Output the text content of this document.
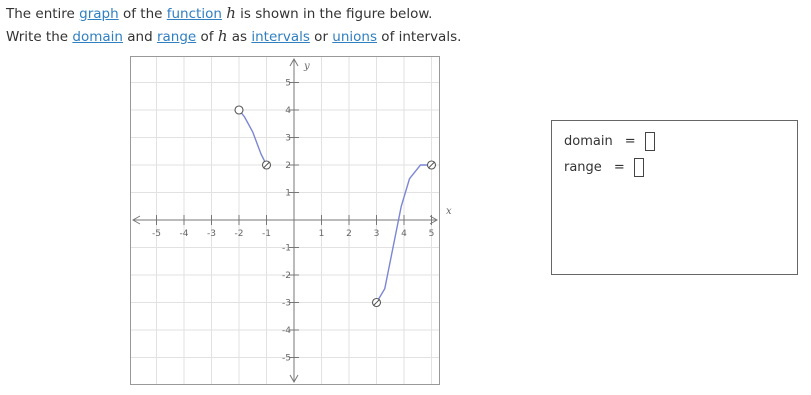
The entire graph of the function h is shown in the figure below.
Write the domain and range of h as intervals or unions of intervals.
x
y
-5 -4 -3 -2 -1	1 2 3 4 5
5
4
3
2
1
-1
-2
-3
-4
-5
domain =
range =
